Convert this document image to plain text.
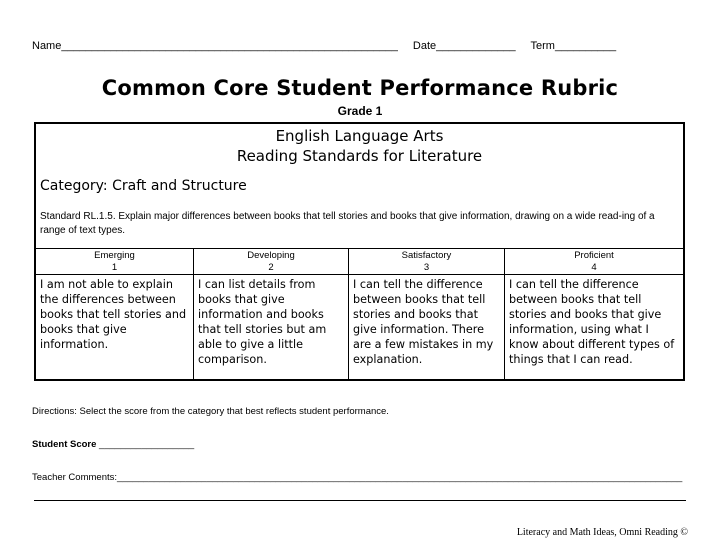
Name_______________________________________________________ Date_____________ Term__________
Common Core Student Performance Rubric
Grade 1
English Language Arts
Reading Standards for Literature
Category: Craft and Structure
Standard RL.1.5. Explain major differences between books that tell stories and books that give information, drawing on a wide read-ing of a range of text types.
Emerging
1
I am not able to explain the differences between books that tell stories and books that give information.
Developing
2
I can list details from books that give information and books that tell stories but am able to give a little comparison.
Satisfactory
3
I can tell the difference between books that tell stories and books that give information. There are a few mistakes in my explanation.
Proficient
4
I can tell the difference between books that tell stories and books that give information, using what I know about different types of things that I can read.
Directions: Select the score from the category that best reflects student performance.
Student Score __________________
Teacher Comments:___________________________________________________________________________________________________________
Literacy and Math Ideas, Omni Reading ©
